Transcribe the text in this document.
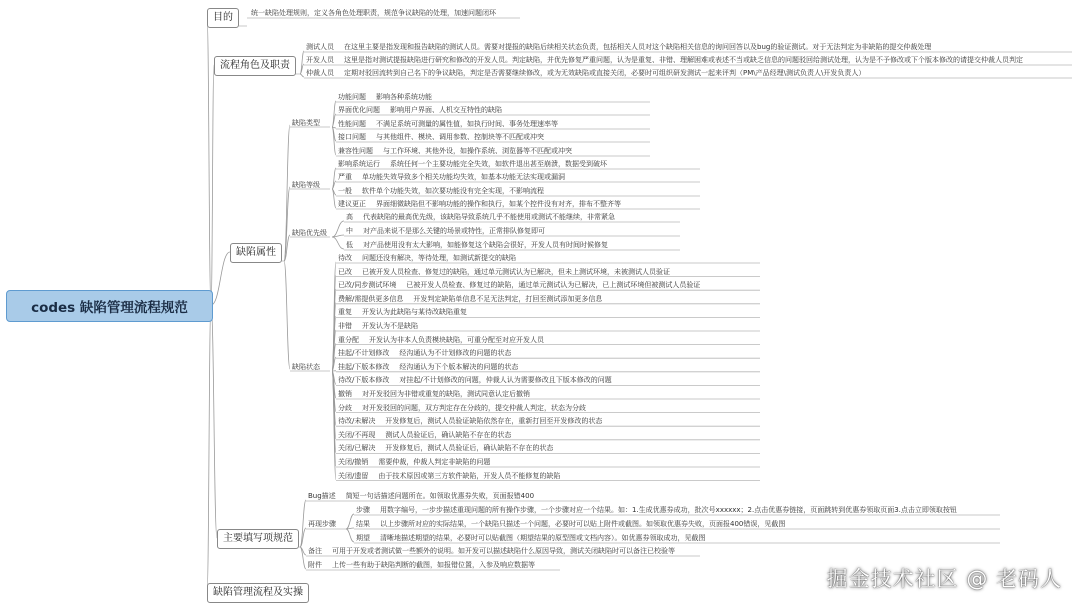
codes 缺陷管理流程规范
目的
流程角色及职责
缺陷属性
主要填写项规范
缺陷管理流程及实操
统一缺陷处理规则，定义各角色处理职责，规范争议缺陷的处理，加速问题闭环
测试人员 在这里主要是指发现和报告缺陷的测试人员。需要对提报的缺陷后续相关状态负责，包括相关人员对这个缺陷相关信息的询问回答以及bug的验证测试。对于无法判定为非缺陷的提交仲裁处理
开发人员 这里是指对测试提报缺陷进行研究和修改的开发人员。判定缺陷，并优先修复严重问题，认为是重复、非错、理解困难或表述不当或缺乏信息的问题驳回给测试处理，认为是不予修改或下个版本修改的请提交仲裁人员判定
仲裁人员 定期对驳回流转到自己名下的争议缺陷，判定是否需要继续修改，或为无效缺陷或直接关闭，必要时可组织研发测试一起来评判（PM\产品经理\测试负责人\开发负责人）
缺陷类型
缺陷等级
缺陷优先级
缺陷状态
功能问题 影响各种系统功能
界面优化问题 影响用户界面、人机交互特性的缺陷
性能问题 不满足系统可测量的属性值，如执行时间、事务处理速率等
接口问题 与其他组件、模块、调用参数、控制块等不匹配或冲突
兼容性问题 与工作环境、其他外设，如操作系统、浏览器等不匹配或冲突
影响系统运行 系统任何一个主要功能完全失效，如软件退出甚至崩溃，数据受到破坏
严重 单功能失效导致多个相关功能均失效，如基本功能无法实现或漏洞
一般 软件单个功能失效，如次要功能没有完全实现，不影响流程
建议更正 界面细微缺陷但不影响功能的操作和执行，如某个控件没有对齐，排布不整齐等
高 代表缺陷的最高优先级，该缺陷导致系统几乎不能使用或测试不能继续，非常紧急
中 对产品来说不是那么关键的场景或特性，正常排队修复即可
低 对产品使用没有太大影响，如能修复这个缺陷会很好，开发人员有时间时候修复
待改 问题还没有解决，等待处理，如测试新提交的缺陷
已改 已被开发人员检查、修复过的缺陷，通过单元测试认为已解决，但未上测试环境，未被测试人员验证
已改/同步测试环境 已被开发人员检查、修复过的缺陷，通过单元测试认为已解决，已上测试环境但被测试人员验证
费解/需提供更多信息 开发判定缺陷单信息不足无法判定，打回至测试添加更多信息
重复 开发认为此缺陷与某待改缺陷重复
非错 开发认为不是缺陷
重分配 开发认为非本人负责模块缺陷，可重分配至对应开发人员
挂起/不计划修改 经沟通认为不计划修改的问题的状态
挂起/下版本修改 经沟通认为下个版本解决的问题的状态
待改/下版本修改 对挂起/不计划修改的问题，仲裁人认为需要修改且下版本修改的问题
撤销 对开发驳回为非错或重复的缺陷，测试同意认定后撤销
分歧 对开发驳回的问题，双方判定存在分歧的，提交仲裁人判定，状态为分歧
待改/未解决 开发修复后，测试人员验证缺陷依然存在，重新打回至开发修改的状态
关闭/不再现 测试人员验证后，确认缺陷不存在的状态
关闭/已解决 开发修复后，测试人员验证后，确认缺陷不存在的状态
关闭/撤销 需要仲裁，仲裁人判定非缺陷的问题
关闭/遗留 由于技术原因或第三方软件缺陷，开发人员不能修复的缺陷
Bug描述 简短一句话描述问题所在。如领取优惠券失败，页面报错400
再现步骤
步骤 用数字编号，一步步描述重现问题的所有操作步骤，一个步骤对应一个结果。如：1.生成优惠券成功，批次号xxxxxx；2.点击优惠券链接，页面跳转到优惠券领取页面3.点击立即领取按钮
结果 以上步骤所对应的实际结果，一个缺陷只描述一个问题，必要时可以贴上附件或截图。如领取优惠券失败，页面报400错误，见截图
期望 清晰地描述期望的结果，必要时可以贴截图（期望结果的原型图或文档内容）。如优惠券领取成功，见截图
备注 可用于开发或者测试做一些额外的说明。如开发可以描述缺陷什么原因导致，测试关闭缺陷时可以备注已校验等
附件 上传一些有助于缺陷判断的截图，如报错位置，入参及响应数据等
掘金技术社区 @ 老码人
